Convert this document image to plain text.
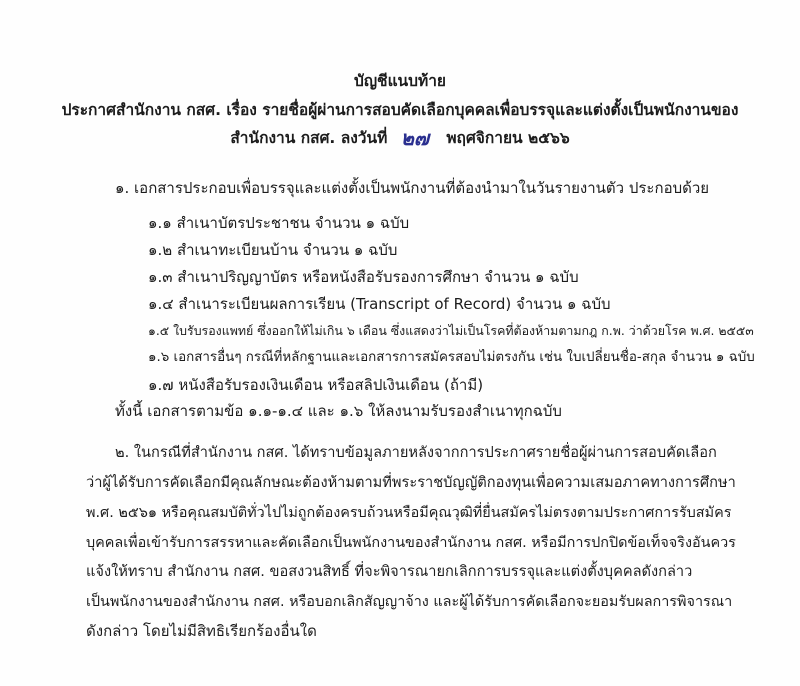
บัญชีแนบท้าย
ประกาศสำนักงาน กสศ. เรื่อง รายชื่อผู้ผ่านการสอบคัดเลือกบุคคลเพื่อบรรจุและแต่งตั้งเป็นพนักงานของ
สำนักงาน กสศ. ลงวันที่ ๒๗ พฤศจิกายน ๒๕๖๖
๑. เอกสารประกอบเพื่อบรรจุและแต่งตั้งเป็นพนักงานที่ต้องนำมาในวันรายงานตัว ประกอบด้วย
๑.๑ สำเนาบัตรประชาชน จำนวน ๑ ฉบับ
๑.๒ สำเนาทะเบียนบ้าน จำนวน ๑ ฉบับ
๑.๓ สำเนาปริญญาบัตร หรือหนังสือรับรองการศึกษา จำนวน ๑ ฉบับ
๑.๔ สำเนาระเบียนผลการเรียน (Transcript of Record) จำนวน ๑ ฉบับ
๑.๕ ใบรับรองแพทย์ ซึ่งออกให้ไม่เกิน ๖ เดือน ซึ่งแสดงว่าไม่เป็นโรคที่ต้องห้ามตามกฎ ก.พ. ว่าด้วยโรค พ.ศ. ๒๕๕๓
๑.๖ เอกสารอื่นๆ กรณีที่หลักฐานและเอกสารการสมัครสอบไม่ตรงกัน เช่น ใบเปลี่ยนชื่อ-สกุล จำนวน ๑ ฉบับ
๑.๗ หนังสือรับรองเงินเดือน หรือสลิปเงินเดือน (ถ้ามี)
ทั้งนี้ เอกสารตามข้อ ๑.๑-๑.๔ และ ๑.๖ ให้ลงนามรับรองสำเนาทุกฉบับ
๒. ในกรณีที่สำนักงาน กสศ. ได้ทราบข้อมูลภายหลังจากการประกาศรายชื่อผู้ผ่านการสอบคัดเลือก
ว่าผู้ได้รับการคัดเลือกมีคุณลักษณะต้องห้ามตามที่พระราชบัญญัติกองทุนเพื่อความเสมอภาคทางการศึกษา
พ.ศ. ๒๕๖๑ หรือคุณสมบัติทั่วไปไม่ถูกต้องครบถ้วนหรือมีคุณวุฒิที่ยื่นสมัครไม่ตรงตามประกาศการรับสมัคร
บุคคลเพื่อเข้ารับการสรรหาและคัดเลือกเป็นพนักงานของสำนักงาน กสศ. หรือมีการปกปิดข้อเท็จจริงอันควร
แจ้งให้ทราบ สำนักงาน กสศ. ขอสงวนสิทธิ์ ที่จะพิจารณายกเลิกการบรรจุและแต่งตั้งบุคคลดังกล่าว
เป็นพนักงานของสำนักงาน กสศ. หรือบอกเลิกสัญญาจ้าง และผู้ได้รับการคัดเลือกจะยอมรับผลการพิจารณา
ดังกล่าว โดยไม่มีสิทธิเรียกร้องอื่นใด
